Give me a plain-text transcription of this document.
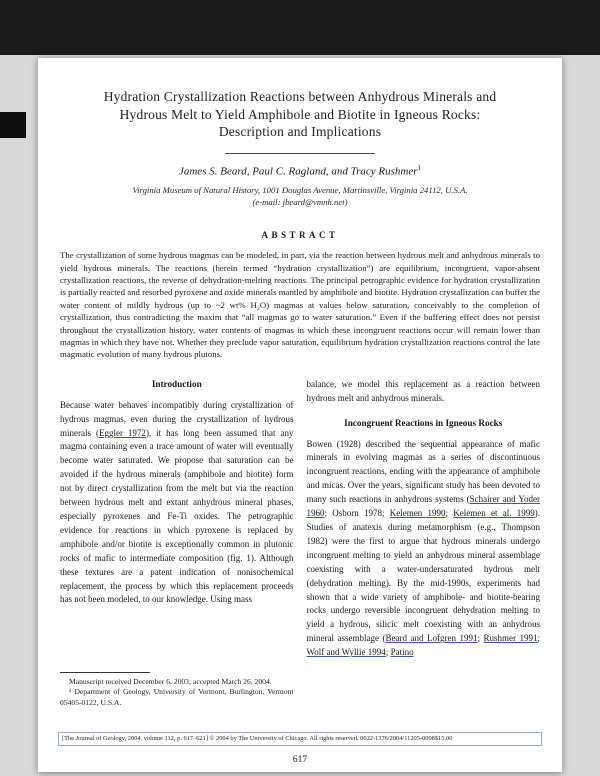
Hydration Crystallization Reactions between Anhydrous Minerals and Hydrous Melt to Yield Amphibole and Biotite in Igneous Rocks: Description and Implications
James S. Beard, Paul C. Ragland, and Tracy Rushmer$^1$
Virginia Museum of Natural History, 1001 Douglas Avenue, Martinsville, Virginia 24112, U.S.A.
(e-mail: jbeard@vmnh.net)
ABSTRACT
The crystallization of some hydrous magmas can be modeled, in part, via the reaction between hydrous melt and anhydrous minerals to yield hydrous minerals. The reactions (herein termed “hydration crystallization”) are equilibrium, incongruent, vapor-absent crystallization reactions, the reverse of dehydration-melting reactions. The principal petrographic evidence for hydration crystallization is partially reacted and resorbed pyroxene and oxide minerals mantled by amphibole and biotite. Hydration crystallization can buffer the water content of mildly hydrous (up to ~2 wt% H₂O) magmas at values below saturation, conceivably to the completion of crystallization, thus contradicting the maxim that “all magmas go to water saturation.” Even if the buffering effect does not persist throughout the crystallization history, water contents of magmas in which these incongruent reactions occur will remain lower than magmas in which they have not. Whether they preclude vapor saturation, equilibrium hydration crystallization reactions control the late magmatic evolution of many hydrous plutons.
Introduction
Because water behaves incompatibly during crystallization of hydrous magmas, even during the crystallization of hydrous minerals (Eggler 1972), it has long been assumed that any magma containing even a trace amount of water will eventually become water saturated. We propose that saturation can be avoided if the hydrous minerals (amphibole and biotite) form not by direct crystallization from the melt but via the reaction between hydrous melt and extant anhydrous mineral phases, especially pyroxenes and Fe-Ti oxides. The petrographic evidence for reactions in which pyroxene is replaced by amphibole and/or biotite is exceptionally common in plutonic rocks of mafic to intermediate composition (fig. 1). Although these textures are a patent indication of nonisochemical replacement, the process by which this replacement proceeds has not been modeled, to our knowledge. Using mass
Manuscript received December 6, 2003; accepted March 26, 2004.
¹ Department of Geology, University of Vermont, Burlington, Vermont 05405-0122, U.S.A.
balance, we model this replacement as a reaction between hydrous melt and anhydrous minerals.
Incongruent Reactions in Igneous Rocks
Bowen (1928) described the sequential appearance of mafic minerals in evolving magmas as a series of discontinuous incongruent reactions, ending with the appearance of amphibole and micas. Over the years, significant study has been devoted to many such reactions in anhydrous systems (Schairer and Yoder 1960; Osborn 1978; Kelemen 1990; Kelemen et al. 1999). Studies of anatexis during metamorphism (e.g., Thompson 1982) were the first to argue that hydrous minerals undergo incongruent melting to yield an anhydrous mineral assemblage coexisting with a water-undersaturated hydrous melt (dehydration melting). By the mid-1990s, experiments had shown that a wide variety of amphibole- and biotite-bearing rocks undergo reversible incongruent dehydration melting to yield a hydrous, silicic melt coexisting with an anhydrous mineral assemblage (Beard and Lofgren 1991; Rushmer 1991; Wolf and Wyllie 1994; Patino
[The Journal of Geology, 2004, volume 112, p. 617–621] © 2004 by The University of Chicago. All rights reserved. 0022-1376/2004/11205-0008$15.00
617
